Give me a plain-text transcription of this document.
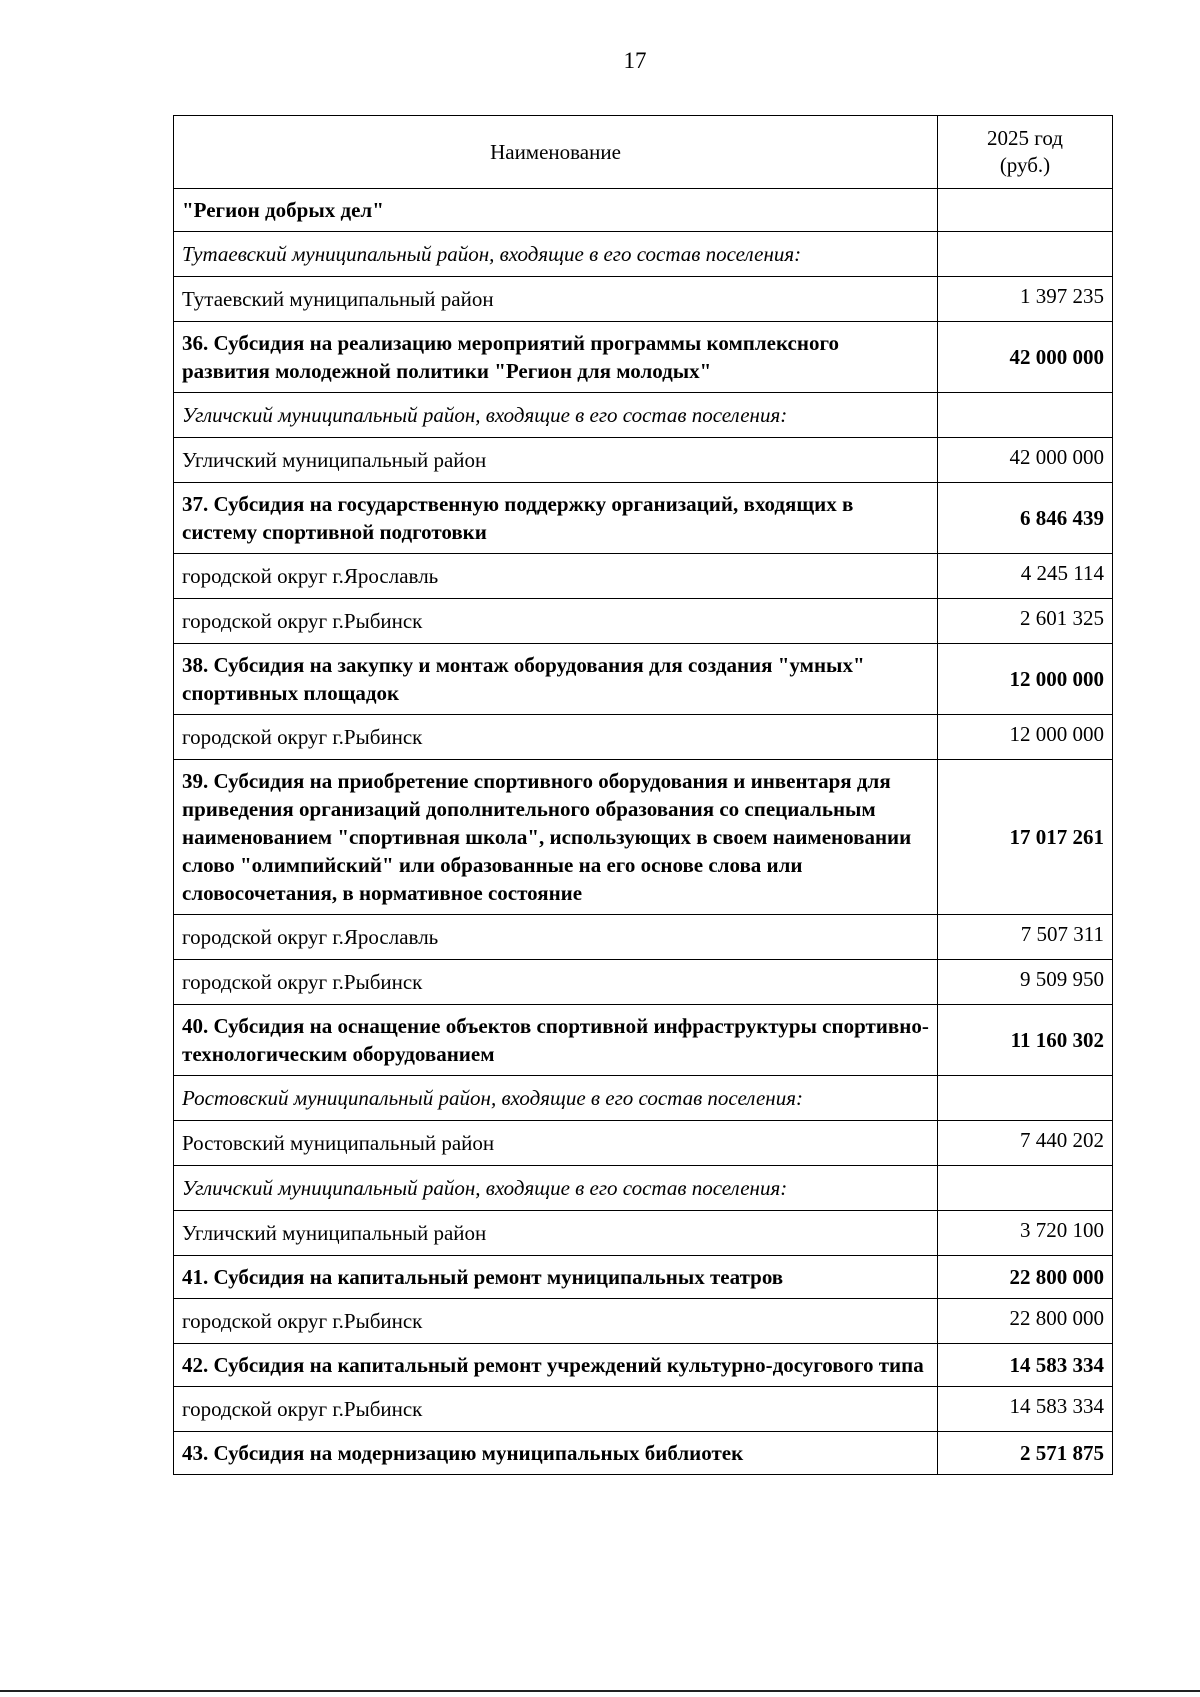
17
Наименование	2025 год
(руб.)

"Регион добрых дел"	
Тутаевский муниципальный район, входящие в его состав поселения:	
Тутаевский муниципальный район	1 397 235
36. Субсидия на реализацию мероприятий программы комплексного развития молодежной политики "Регион для молодых"	42 000 000
Угличский муниципальный район, входящие в его состав поселения:	
Угличский муниципальный район	42 000 000
37. Субсидия на государственную поддержку организаций, входящих в систему спортивной подготовки	6 846 439
городской округ г.Ярославль	4 245 114
городской округ г.Рыбинск	2 601 325
38. Субсидия на закупку и монтаж оборудования для создания "умных" спортивных площадок	12 000 000
городской округ г.Рыбинск	12 000 000
39. Субсидия на приобретение спортивного оборудования и инвентаря для приведения организаций дополнительного образования со специальным наименованием "спортивная школа", использующих в своем наименовании слово "олимпийский" или образованные на его основе слова или словосочетания, в нормативное состояние	17 017 261
городской округ г.Ярославль	7 507 311
городской округ г.Рыбинск	9 509 950
40. Субсидия на оснащение объектов спортивной инфраструктуры спортивно-технологическим оборудованием	11 160 302
Ростовский муниципальный район, входящие в его состав поселения:	
Ростовский муниципальный район	7 440 202
Угличский муниципальный район, входящие в его состав поселения:	
Угличский муниципальный район	3 720 100
41. Субсидия на капитальный ремонт муниципальных театров	22 800 000
городской округ г.Рыбинск	22 800 000
42. Субсидия на капитальный ремонт учреждений культурно-досугового типа	14 583 334
городской округ г.Рыбинск	14 583 334
43. Субсидия на модернизацию муниципальных библиотек	2 571 875
